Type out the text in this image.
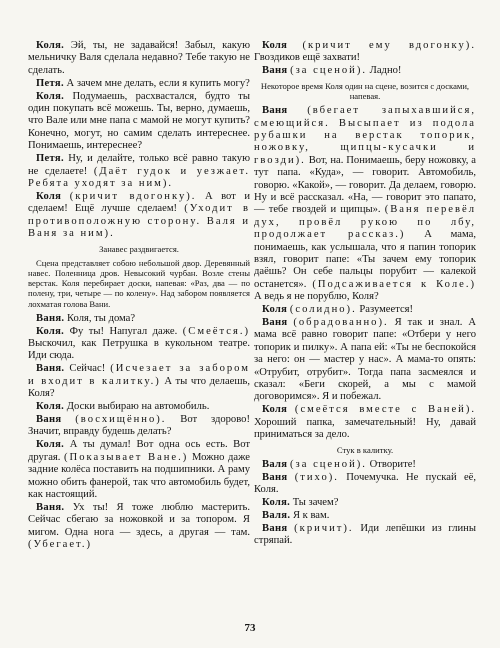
Коля. Эй, ты, не задавайся! Забыл, какую мельничку Валя сделала недавно? Тебе такую не сделать.

Петя. А зачем мне делать, если я купить могу?

Коля. Подумаешь, расхвастался, будто ты один покупать всё можешь. Ты, верно, думаешь, что Вале или мне папа с мамой не могут купить? Конечно, могут, но самим сделать интереснее. Понимаешь, интереснее?

Петя. Ну, и делайте, только всё равно такую не сделаете! (Даёт гудок и уезжает. Ребята уходят за ним).

Коля (кричит вдогонку). А вот и сделаем! Ещё лучше сделаем! (Уходит в противоположную сторону. Валя и Ваня за ним).

Занавес раздвигается.

Сцена представляет собою небольшой двор. Деревянный навес. Поленница дров. Невысокий чурбан. Возле стены верстак. Коля перебирает доски, напевая: «Раз, два — по полену, три, четыре — по колену». Над забором появляется лохматая голова Вани.

Ваня. Коля, ты дома?

Коля. Фу ты! Напугал даже. (Смеётся.) Выскочил, как Петрушка в кукольном театре. Иди сюда.

Ваня. Сейчас! (Исчезает за забором и входит в калитку.) А ты что делаешь, Коля?

Коля. Доски выбираю на автомобиль.

Ваня (восхищённо). Вот здорово! Значит, вправду будешь делать?

Коля. А ты думал! Вот одна ось есть. Вот другая. (Показывает Ване.) Можно даже задние колёса поставить на подшипники. А раму можно обить фанерой, так что автомобиль будет, как настоящий.

Ваня. Ух ты! Я тоже люблю мастерить. Сейчас сбегаю за ножовкой и за топором. Я мигом. Одна нога — здесь, а другая — там. (Убегает.)

Коля (кричит ему вдогонку). Гвоздиков ещё захвати!

Ваня (за сценой). Ладно!

Некоторое время Коля один на сцене, возится с досками, напевая.

Ваня (вбегает запыхавшийся, смеющийся. Высыпает из подола рубашки на верстак топорик, ножовку, щипцы-кусачки и гвозди). Вот, на. Понимаешь, беру ножовку, а тут папа. «Куда», — говорит. Автомобиль, говорю. «Какой», — говорит. Да делаем, говорю. Ну и всё рассказал. «На, — говорит это папато, — тебе гвоздей и щипцы». (Ваня перевёл дух, провёл рукою по лбу, продолжает рассказ.) А мама, понимаешь, как услышала, что я папин топорик взял, говорит папе: «Ты зачем ему топорик даёшь? Он себе пальцы порубит — калекой останется». (Подсаживается к Коле.) А ведь я не порублю, Коля?

Коля (солидно). Разумеется!

Ваня (обрадованно). Я так и знал. А мама всё равно говорит папе: «Отбери у него топорик и пилку». А папа ей: «Ты не беспокойся за него: он — мастер у нас». А мама-то опять: «Отрубит, отрубит». Тогда папа засмеялся и сказал: «Беги скорей, а мы с мамой договоримся». Я и побежал.

Коля (смеётся вместе с Ваней). Хороший папка, замечательный! Ну, давай приниматься за дело.

Стук в калитку.

Валя (за сценой). Отворите!

Ваня (тихо). Почемучка. Не пускай её, Коля.

Коля. Ты зачем?

Валя. Я к вам.

Ваня (кричит). Иди лепёшки из глины стряпай.

73
